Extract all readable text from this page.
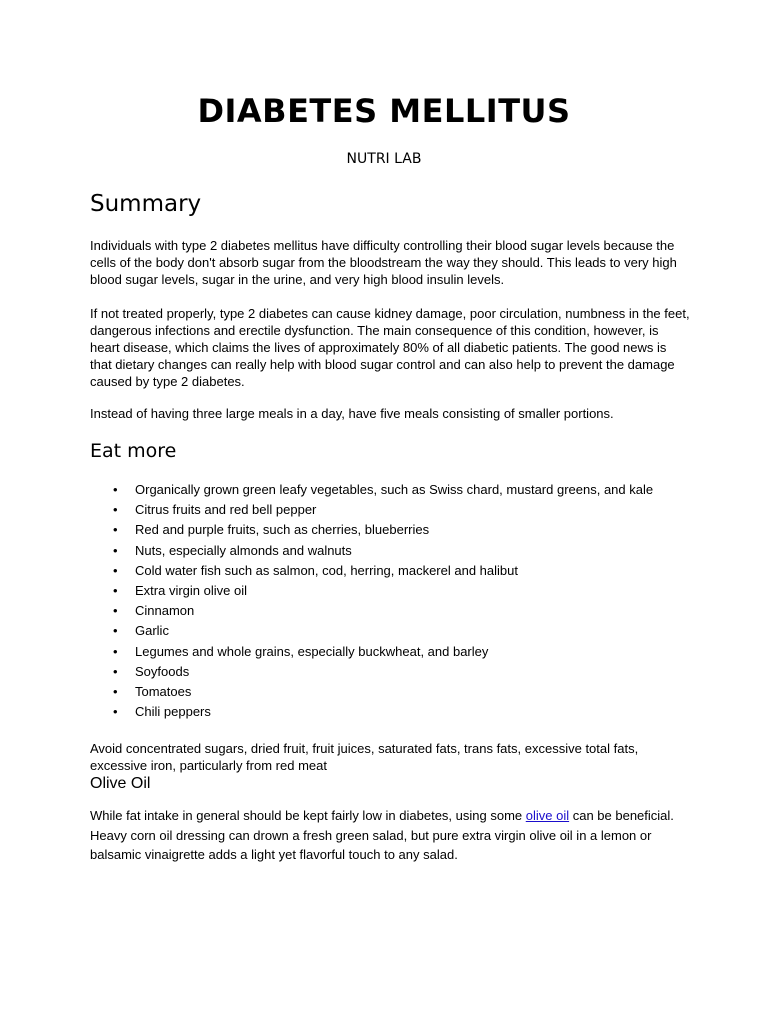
DIABETES MELLITUS

NUTRI LAB

Summary

Individuals with type 2 diabetes mellitus have difficulty controlling their blood sugar levels because the cells of the body don't absorb sugar from the bloodstream the way they should. This leads to very high blood sugar levels, sugar in the urine, and very high blood insulin levels.

If not treated properly, type 2 diabetes can cause kidney damage, poor circulation, numbness in the feet, dangerous infections and erectile dysfunction. The main consequence of this condition, however, is heart disease, which claims the lives of approximately 80% of all diabetic patients. The good news is that dietary changes can really help with blood sugar control and can also help to prevent the damage caused by type 2 diabetes.

Instead of having three large meals in a day, have five meals consisting of smaller portions.

Eat more
• Organically grown green leafy vegetables, such as Swiss chard, mustard greens, and kale
• Citrus fruits and red bell pepper
• Red and purple fruits, such as cherries, blueberries
• Nuts, especially almonds and walnuts
• Cold water fish such as salmon, cod, herring, mackerel and halibut
• Extra virgin olive oil
• Cinnamon
• Garlic
• Legumes and whole grains, especially buckwheat, and barley
• Soyfoods
• Tomatoes
• Chili peppers

Avoid concentrated sugars, dried fruit, fruit juices, saturated fats, trans fats, excessive total fats, excessive iron, particularly from red meat

Olive Oil

While fat intake in general should be kept fairly low in diabetes, using some olive oil can be beneficial. Heavy corn oil dressing can drown a fresh green salad, but pure extra virgin olive oil in a lemon or balsamic vinaigrette adds a light yet flavorful touch to any salad.
